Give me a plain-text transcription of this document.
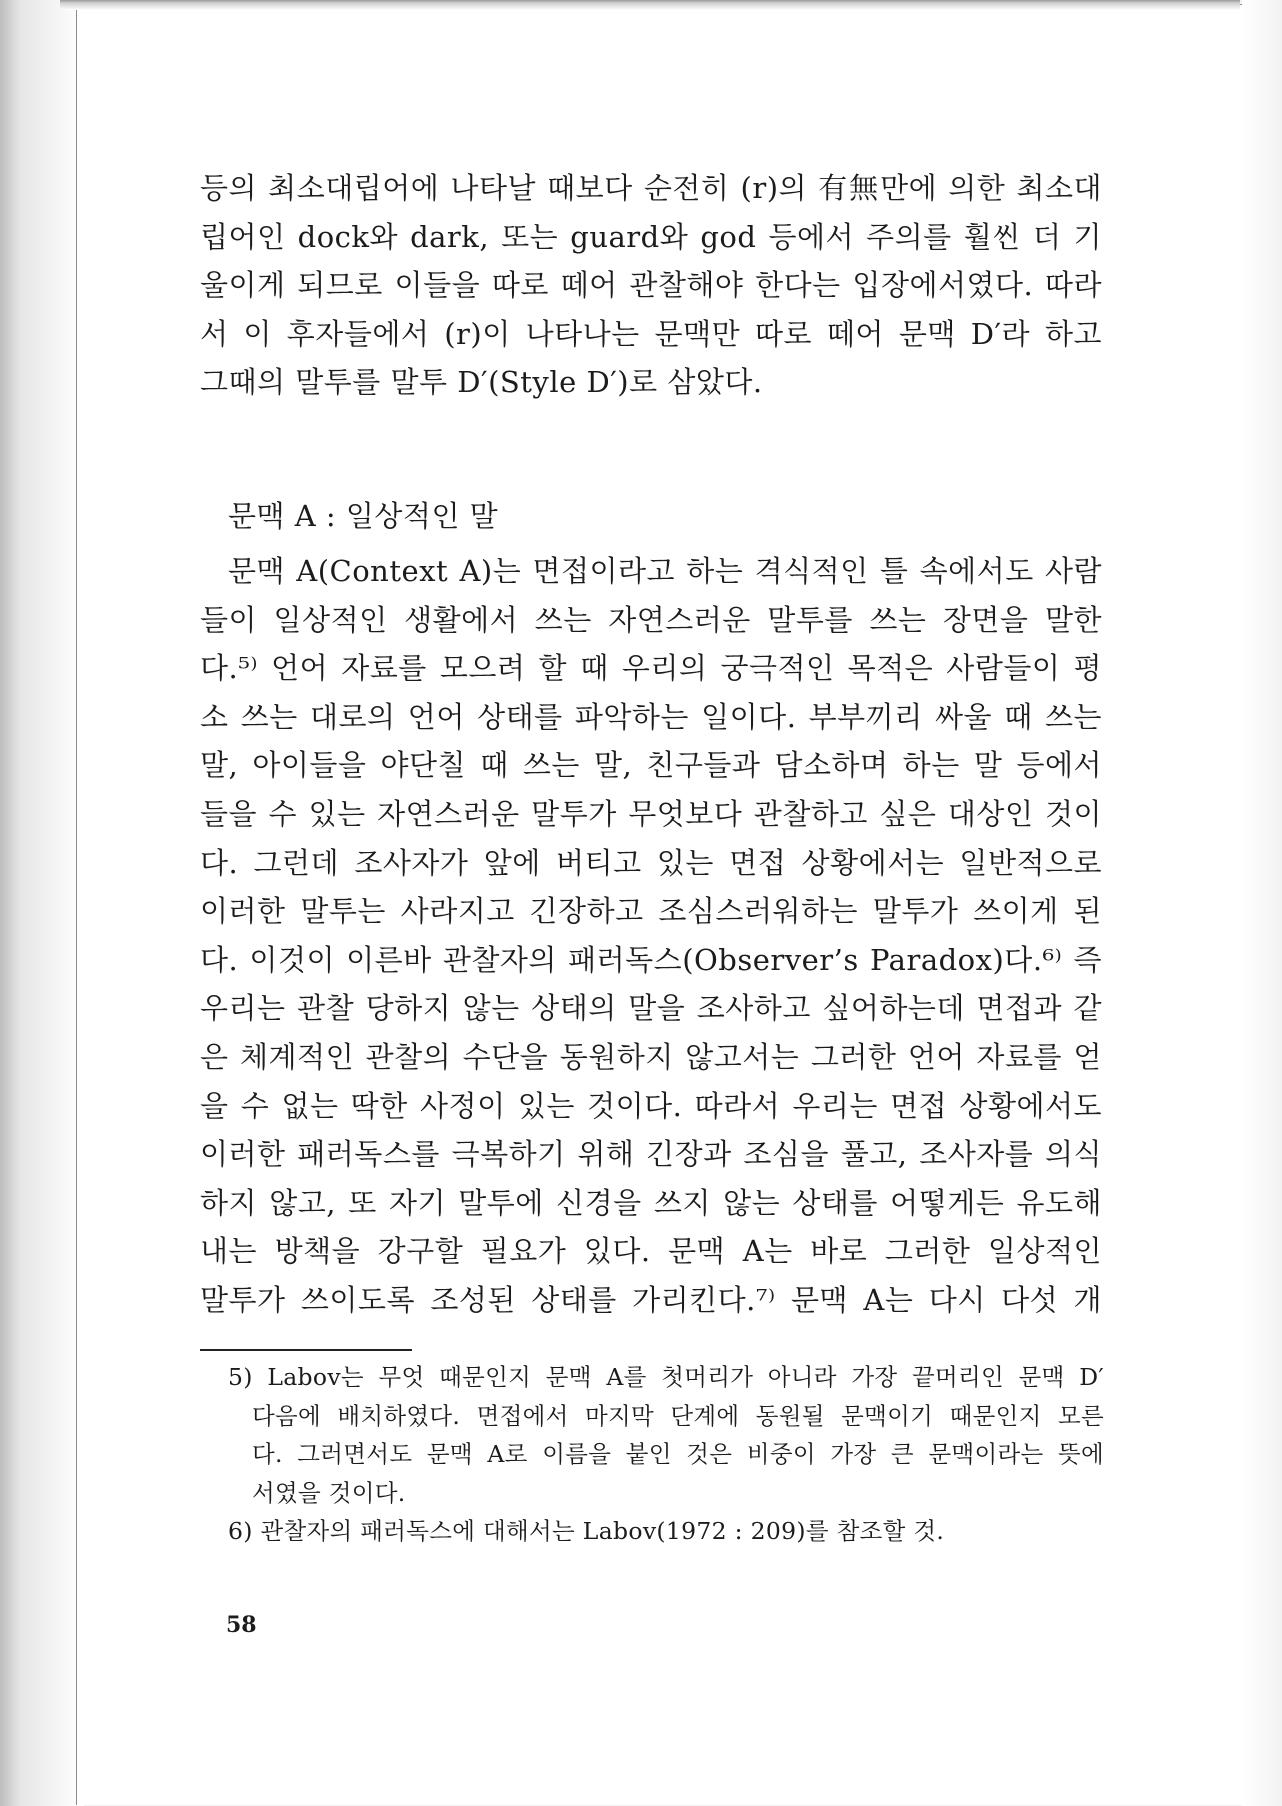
등의 최소대립어에 나타날 때보다 순전히 (r)의 有無만에 의한 최소대
립어인 dock와 dark, 또는 guard와 god 등에서 주의를 훨씬 더 기
울이게 되므로 이들을 따로 떼어 관찰해야 한다는 입장에서였다. 따라
서 이 후자들에서 (r)이 나타나는 문맥만 따로 떼어 문맥 D′라 하고
그때의 말투를 말투 D′(Style D′)로 삼았다.
문맥 A : 일상적인 말
문맥 A(Context A)는 면접이라고 하는 격식적인 틀 속에서도 사람
들이 일상적인 생활에서 쓰는 자연스러운 말투를 쓰는 장면을 말한
다.⁵⁾ 언어 자료를 모으려 할 때 우리의 궁극적인 목적은 사람들이 평
소 쓰는 대로의 언어 상태를 파악하는 일이다. 부부끼리 싸울 때 쓰는
말, 아이들을 야단칠 때 쓰는 말, 친구들과 담소하며 하는 말 등에서
들을 수 있는 자연스러운 말투가 무엇보다 관찰하고 싶은 대상인 것이
다. 그런데 조사자가 앞에 버티고 있는 면접 상황에서는 일반적으로
이러한 말투는 사라지고 긴장하고 조심스러워하는 말투가 쓰이게 된
다. 이것이 이른바 관찰자의 패러독스(Observer’s Paradox)다.⁶⁾ 즉
우리는 관찰 당하지 않는 상태의 말을 조사하고 싶어하는데 면접과 같
은 체계적인 관찰의 수단을 동원하지 않고서는 그러한 언어 자료를 얻
을 수 없는 딱한 사정이 있는 것이다. 따라서 우리는 면접 상황에서도
이러한 패러독스를 극복하기 위해 긴장과 조심을 풀고, 조사자를 의식
하지 않고, 또 자기 말투에 신경을 쓰지 않는 상태를 어떻게든 유도해
내는 방책을 강구할 필요가 있다. 문맥 A는 바로 그러한 일상적인
말투가 쓰이도록 조성된 상태를 가리킨다.⁷⁾ 문맥 A는 다시 다섯 개
5) Labov는 무엇 때문인지 문맥 A를 첫머리가 아니라 가장 끝머리인 문맥 D′
다음에 배치하였다. 면접에서 마지막 단계에 동원될 문맥이기 때문인지 모른
다. 그러면서도 문맥 A로 이름을 붙인 것은 비중이 가장 큰 문맥이라는 뜻에
서였을 것이다.
6) 관찰자의 패러독스에 대해서는 Labov(1972 : 209)를 참조할 것.
58
